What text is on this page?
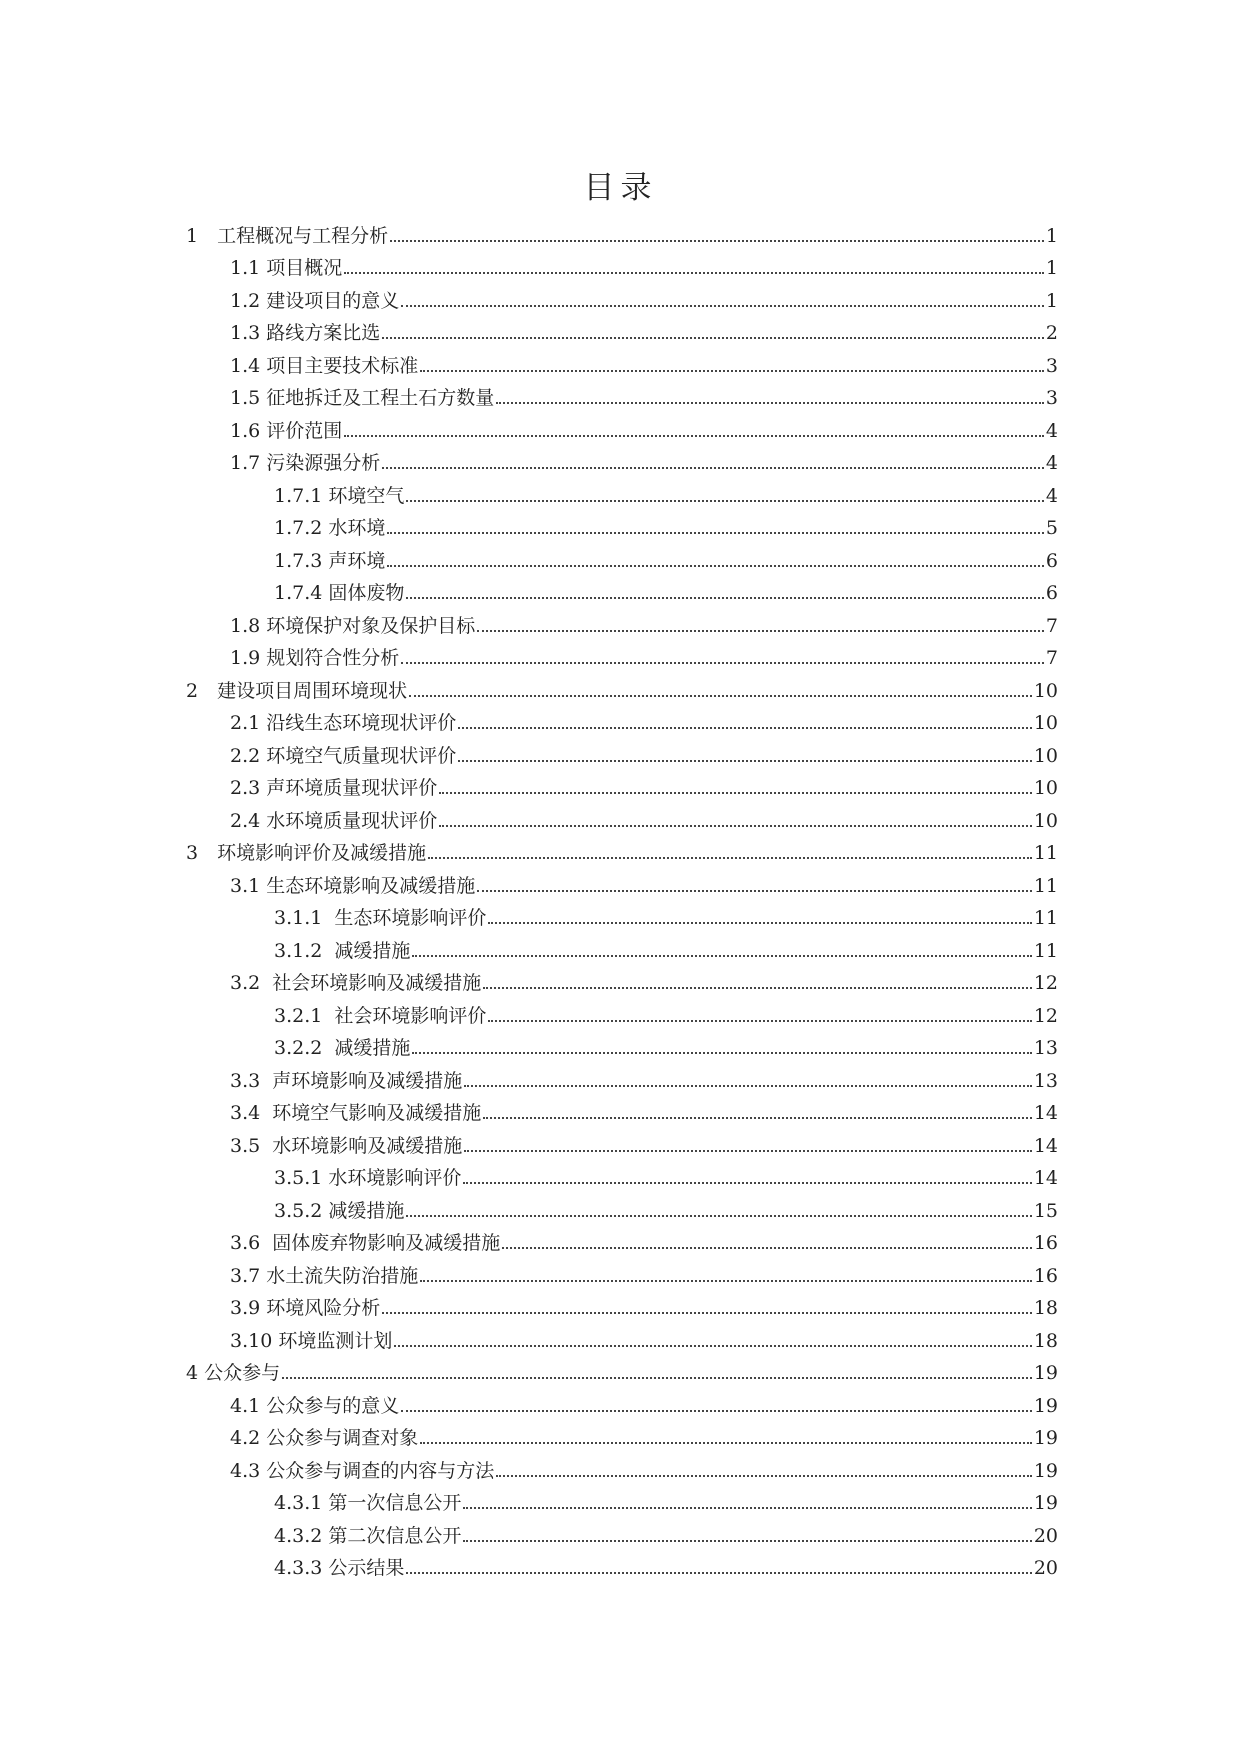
目录
1　工程概况与工程分析	1
1.1 项目概况	1
1.2 建设项目的意义	1
1.3 路线方案比选	2
1.4 项目主要技术标准	3
1.5 征地拆迁及工程土石方数量	3
1.6 评价范围	4
1.7 污染源强分析	4
1.7.1 环境空气	4
1.7.2 水环境	5
1.7.3 声环境	6
1.7.4 固体废物	6
1.8 环境保护对象及保护目标	7
1.9 规划符合性分析	7
2　建设项目周围环境现状	10
2.1 沿线生态环境现状评价	10
2.2 环境空气质量现状评价	10
2.3 声环境质量现状评价	10
2.4 水环境质量现状评价	10
3　环境影响评价及减缓措施	11
3.1 生态环境影响及减缓措施	11
3.1.1  生态环境影响评价	11
3.1.2  减缓措施	11
3.2  社会环境影响及减缓措施	12
3.2.1  社会环境影响评价	12
3.2.2  减缓措施	13
3.3  声环境影响及减缓措施	13
3.4  环境空气影响及减缓措施	14
3.5  水环境影响及减缓措施	14
3.5.1 水环境影响评价	14
3.5.2 减缓措施	15
3.6  固体废弃物影响及减缓措施	16
3.7 水土流失防治措施	16
3.9 环境风险分析	18
3.10 环境监测计划	18
4 公众参与	19
4.1 公众参与的意义	19
4.2 公众参与调查对象	19
4.3 公众参与调查的内容与方法	19
4.3.1 第一次信息公开	19
4.3.2 第二次信息公开	20
4.3.3 公示结果	20
